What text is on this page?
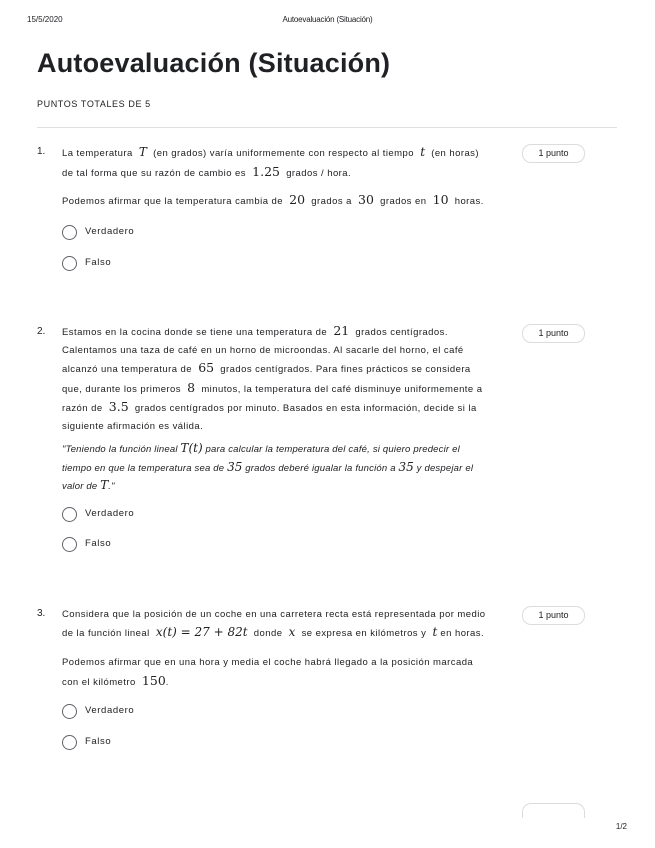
15/5/2020	Autoevaluación (Situación)
Autoevaluación (Situación)
PUNTOS TOTALES DE 5
1.	1 punto

La temperatura T (en grados) varía uniformemente con respecto al tiempo t (en horas)

de tal forma que su razón de cambio es 1.25 grados / hora.

Podemos afirmar que la temperatura cambia de 20 grados a 30 grados en 10 horas.

Verdadero
Falso
2.	1 punto

Estamos en la cocina donde se tiene una temperatura de 21 grados centígrados.

Calentamos una taza de café en un horno de microondas. Al sacarle del horno, el café

alcanzó una temperatura de 65 grados centígrados. Para fines prácticos se considera

que, durante los primeros 8 minutos, la temperatura del café disminuye uniformemente a

razón de 3.5 grados centígrados por minuto. Basados en esta información, decide si la

siguiente afirmación es válida.

"Teniendo la función lineal T(t) para calcular la temperatura del café, si quiero predecir el

tiempo en que la temperatura sea de 35 grados deberé igualar la función a 35 y despejar el

valor de T."

Verdadero
Falso
3.	1 punto

Considera que la posición de un coche en una carretera recta está representada por medio

de la función lineal x(t) = 27 + 82t donde x se expresa en kilómetros y t en horas.

Podemos afirmar que en una hora y media el coche habrá llegado a la posición marcada

con el kilómetro 150.

Verdadero
Falso
1/2
